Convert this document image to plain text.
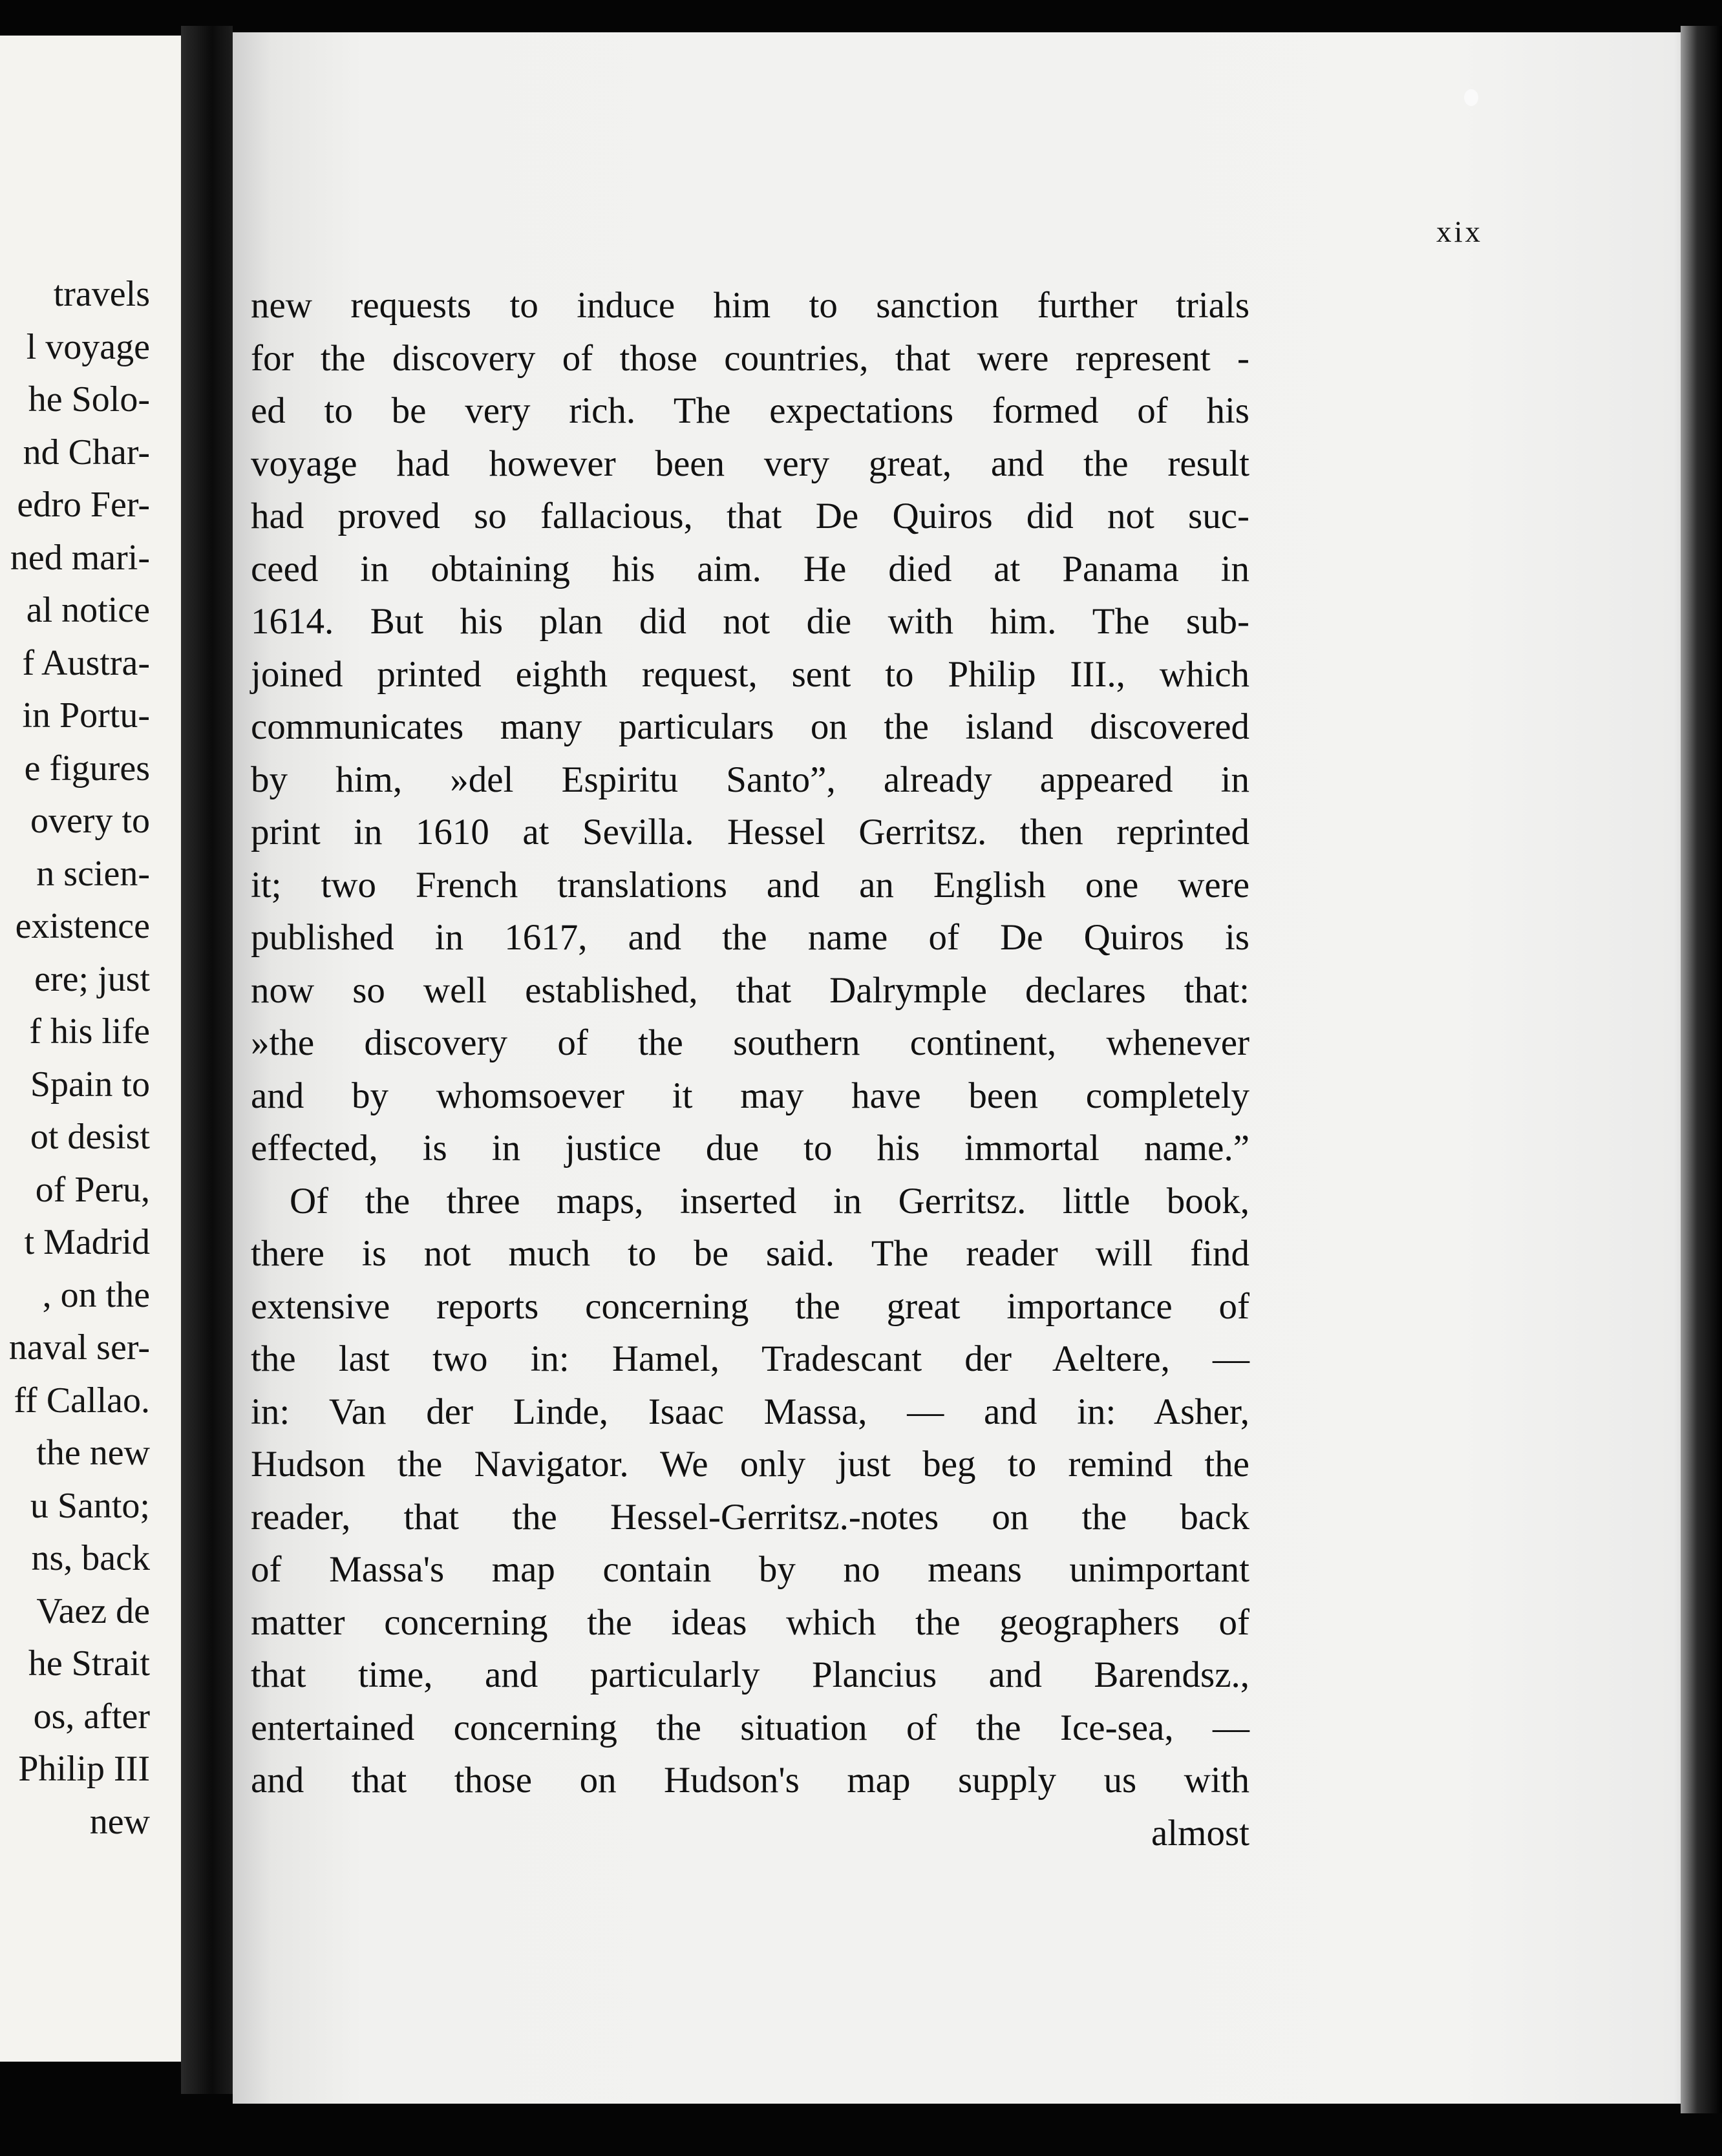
travels
l voyage
he Solo-
nd Char-
edro Fer-
ned mari-
al notice
f Austra-
in Portu-
e figures
overy to
n scien-
existence
ere; just
f his life
Spain to
ot desist
of Peru,
t Madrid
, on the
naval ser-
ff Callao.
the new
u Santo;
ns, back
Vaez de
he Strait
os, after
Philip III
new
xix
new requests to induce him to sanction further trials
for the discovery of those countries, that were represent -
ed to be very rich. The expectations formed of his
voyage had however been very great, and the result
had proved so fallacious, that De Quiros did not suc-
ceed in obtaining his aim. He died at Panama in
1614. But his plan did not die with him. The sub-
joined printed eighth request, sent to Philip III., which
communicates many particulars on the island discovered
by him, »del Espiritu Santo”, already appeared in
print in 1610 at Sevilla. Hessel Gerritsz. then reprinted
it; two French translations and an English one were
published in 1617, and the name of De Quiros is
now so well established, that Dalrymple declares that:
»the discovery of the southern continent, whenever
and by whomsoever it may have been completely
effected, is in justice due to his immortal name.”
Of the three maps, inserted in Gerritsz. little book,
there is not much to be said. The reader will find
extensive reports concerning the great importance of
the last two in: Hamel, Tradescant der Aeltere, —
in: Van der Linde, Isaac Massa, — and in: Asher,
Hudson the Navigator. We only just beg to remind the
reader, that the Hessel-Gerritsz.-notes on the back
of Massa's map contain by no means unimportant
matter concerning the ideas which the geographers of
that time, and particularly Plancius and Barendsz.,
entertained concerning the situation of the Ice-sea, —
and that those on Hudson's map supply us with
almost
